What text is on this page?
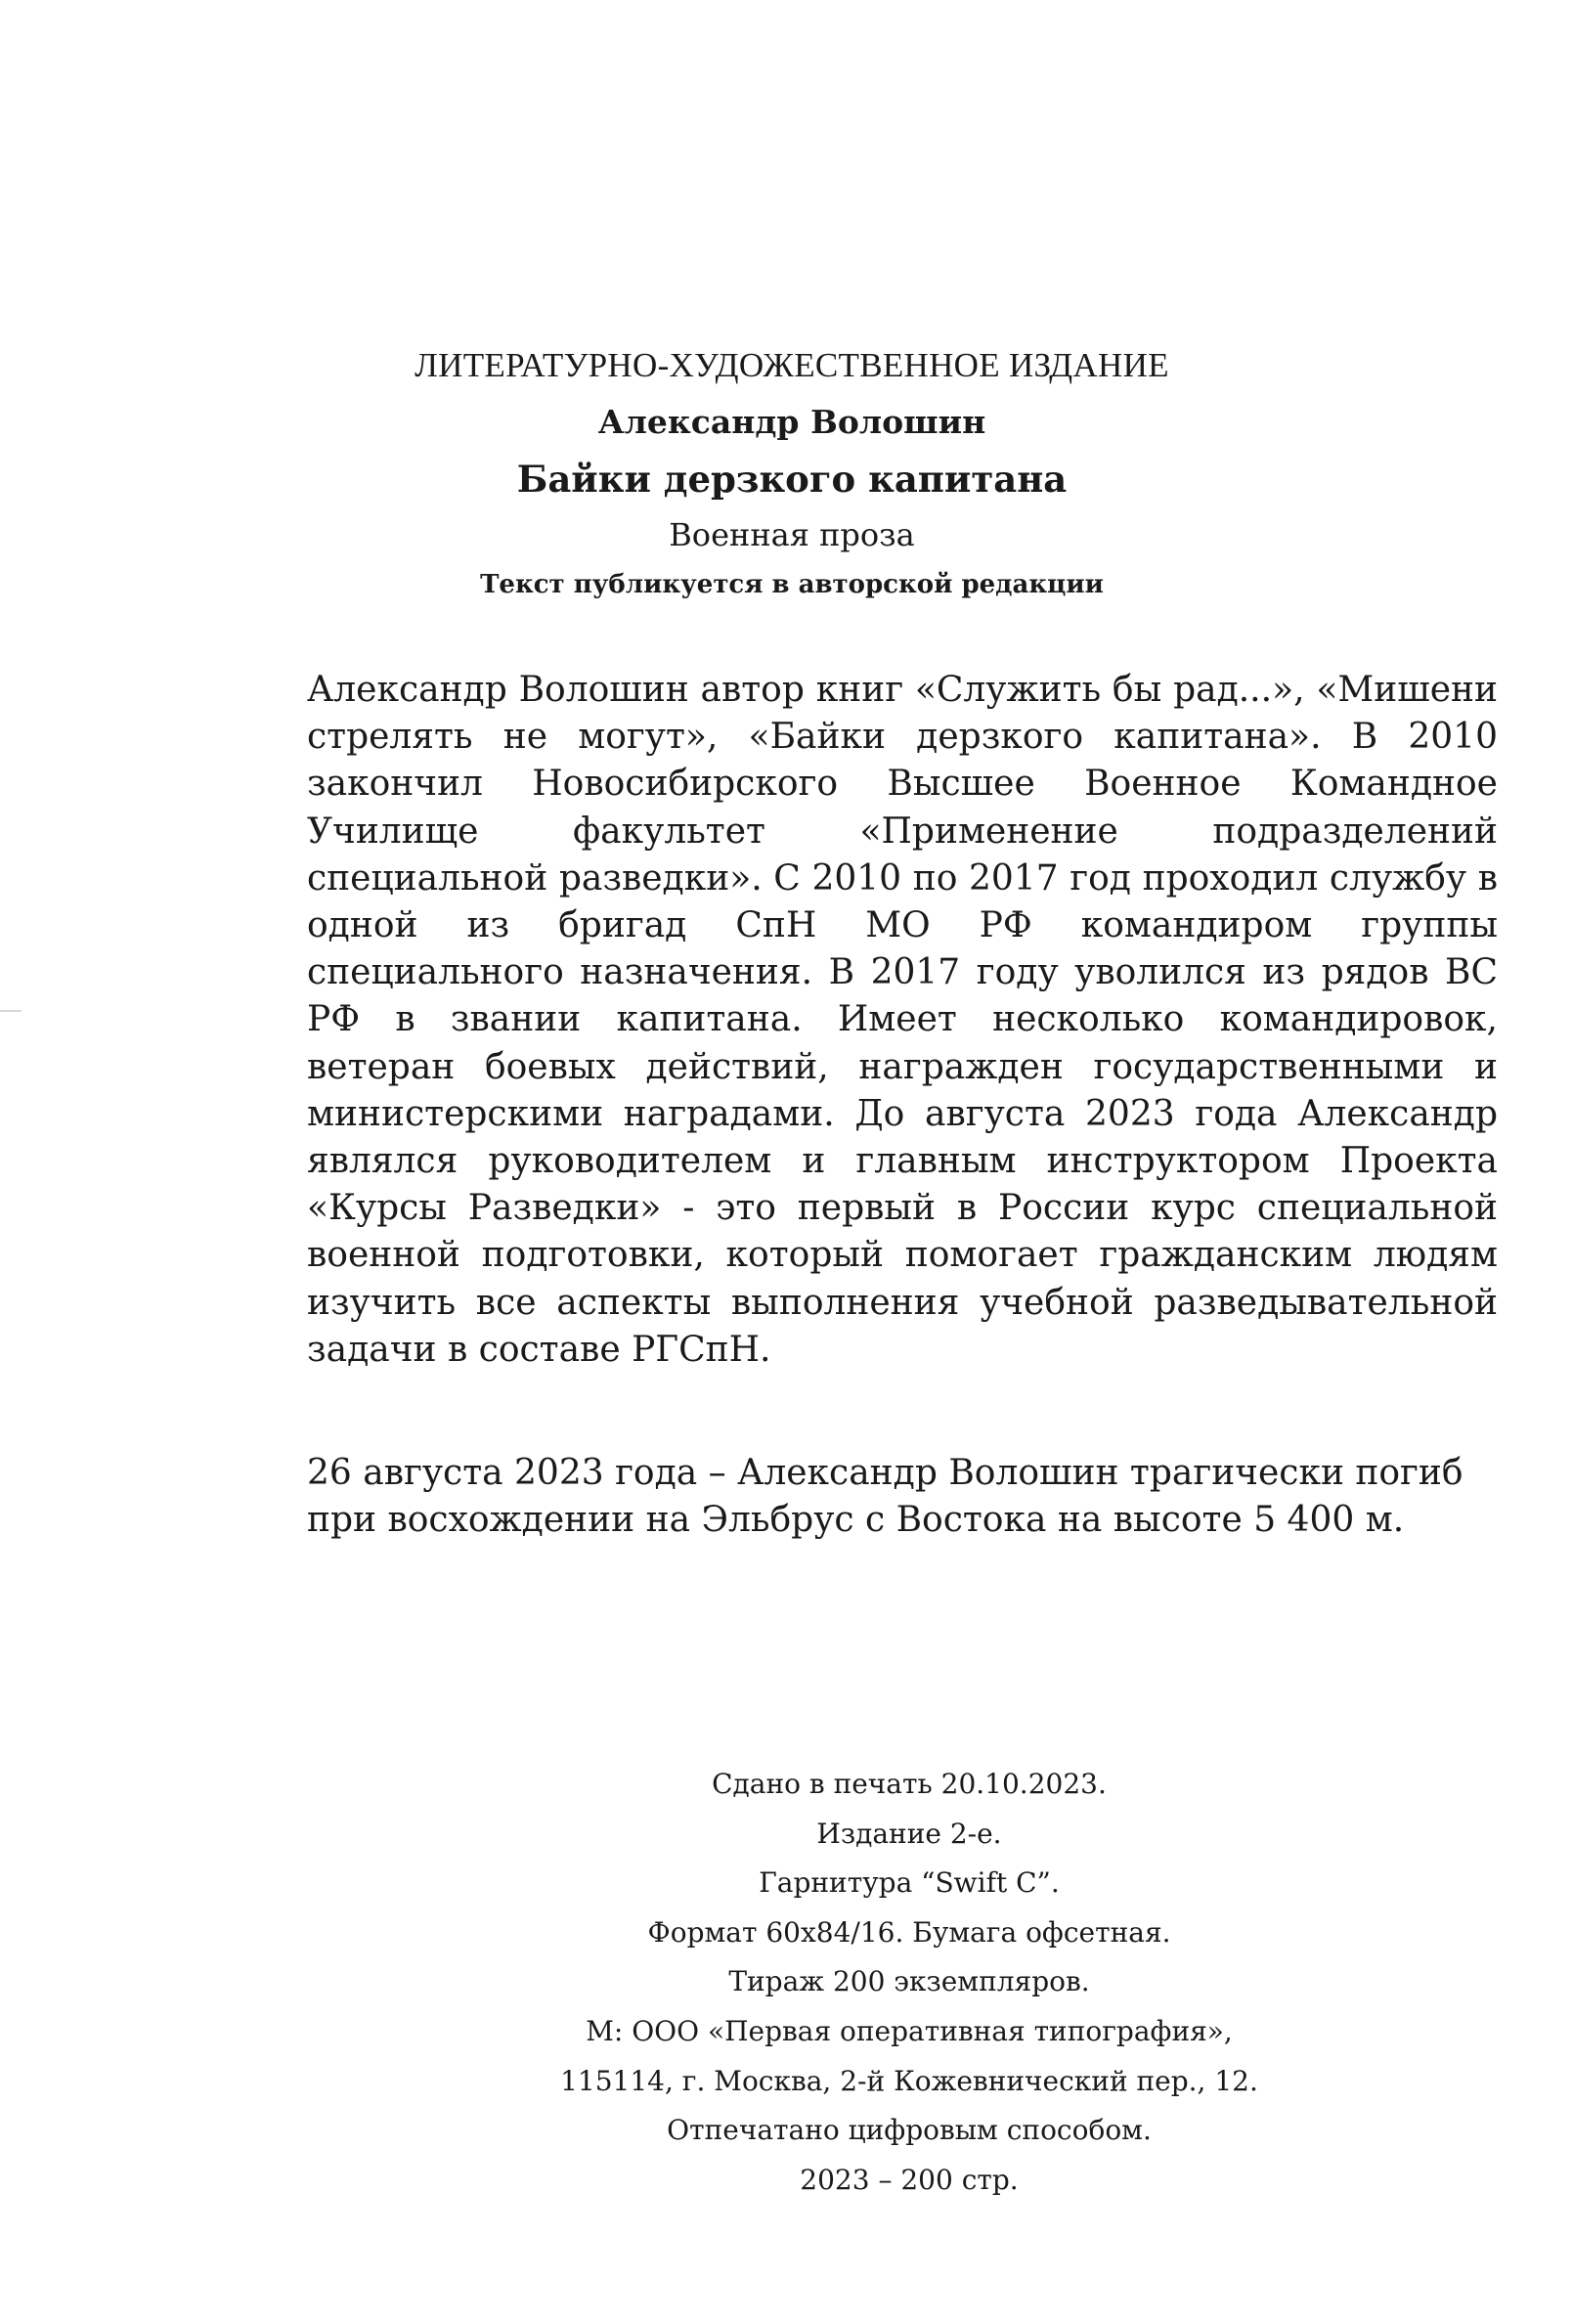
ЛИТЕРАТУРНО-ХУДОЖЕСТВЕННОЕ ИЗДАНИЕ

Александр Волошин

Байки дерзкого капитана

Военная проза

Текст публикуется в авторской редакции

Александр Волошин автор книг «Служить бы рад...», «Мишени стрелять не могут», «Байки дерзкого капитана». В 2010 закончил Новосибирского Высшее Военное Командное Училище факультет «Применение подразделений специальной разведки». С 2010 по 2017 год проходил службу в одной из бригад СпН МО РФ командиром группы специального назначения. В 2017 году уволился из рядов ВС РФ в звании капитана. Имеет несколько командировок, ветеран боевых действий, награжден государственными и министерскими наградами. До августа 2023 года Александр являлся руководителем и главным инструктором Проекта «Курсы Разведки» - это первый в России курс специальной военной подготовки, который помогает гражданским людям изучить все аспекты выполнения учебной разведывательной задачи в составе РГСпН.

26 августа 2023 года – Александр Волошин трагически погиб при восхождении на Эльбрус с Востока на высоте 5 400 м.

Сдано в печать 20.10.2023.
Издание 2-е.
Гарнитура “Swift C”.
Формат 60x84/16. Бумага офсетная.
Тираж 200 экземпляров.
М: ООО «Первая оперативная типография»,
115114, г. Москва, 2-й Кожевнический пер., 12.
Отпечатано цифровым способом.
2023 – 200 стр.
